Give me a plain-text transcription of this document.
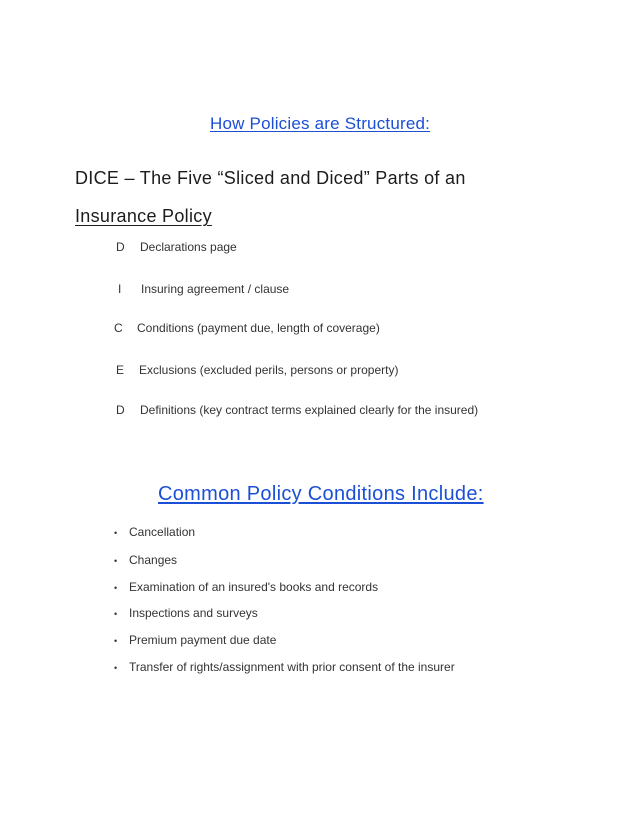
How Policies are Structured:
DICE – The Five “Sliced and Diced” Parts of an
Insurance Policy
D Declarations page
I Insuring agreement / clause
C Conditions (payment due, length of coverage)
E Exclusions (excluded perils, persons or property)
D Definitions (key contract terms explained clearly for the insured)
Common Policy Conditions Include:
• Cancellation
• Changes
• Examination of an insured's books and records
• Inspections and surveys
• Premium payment due date
• Transfer of rights/assignment with prior consent of the insurer
